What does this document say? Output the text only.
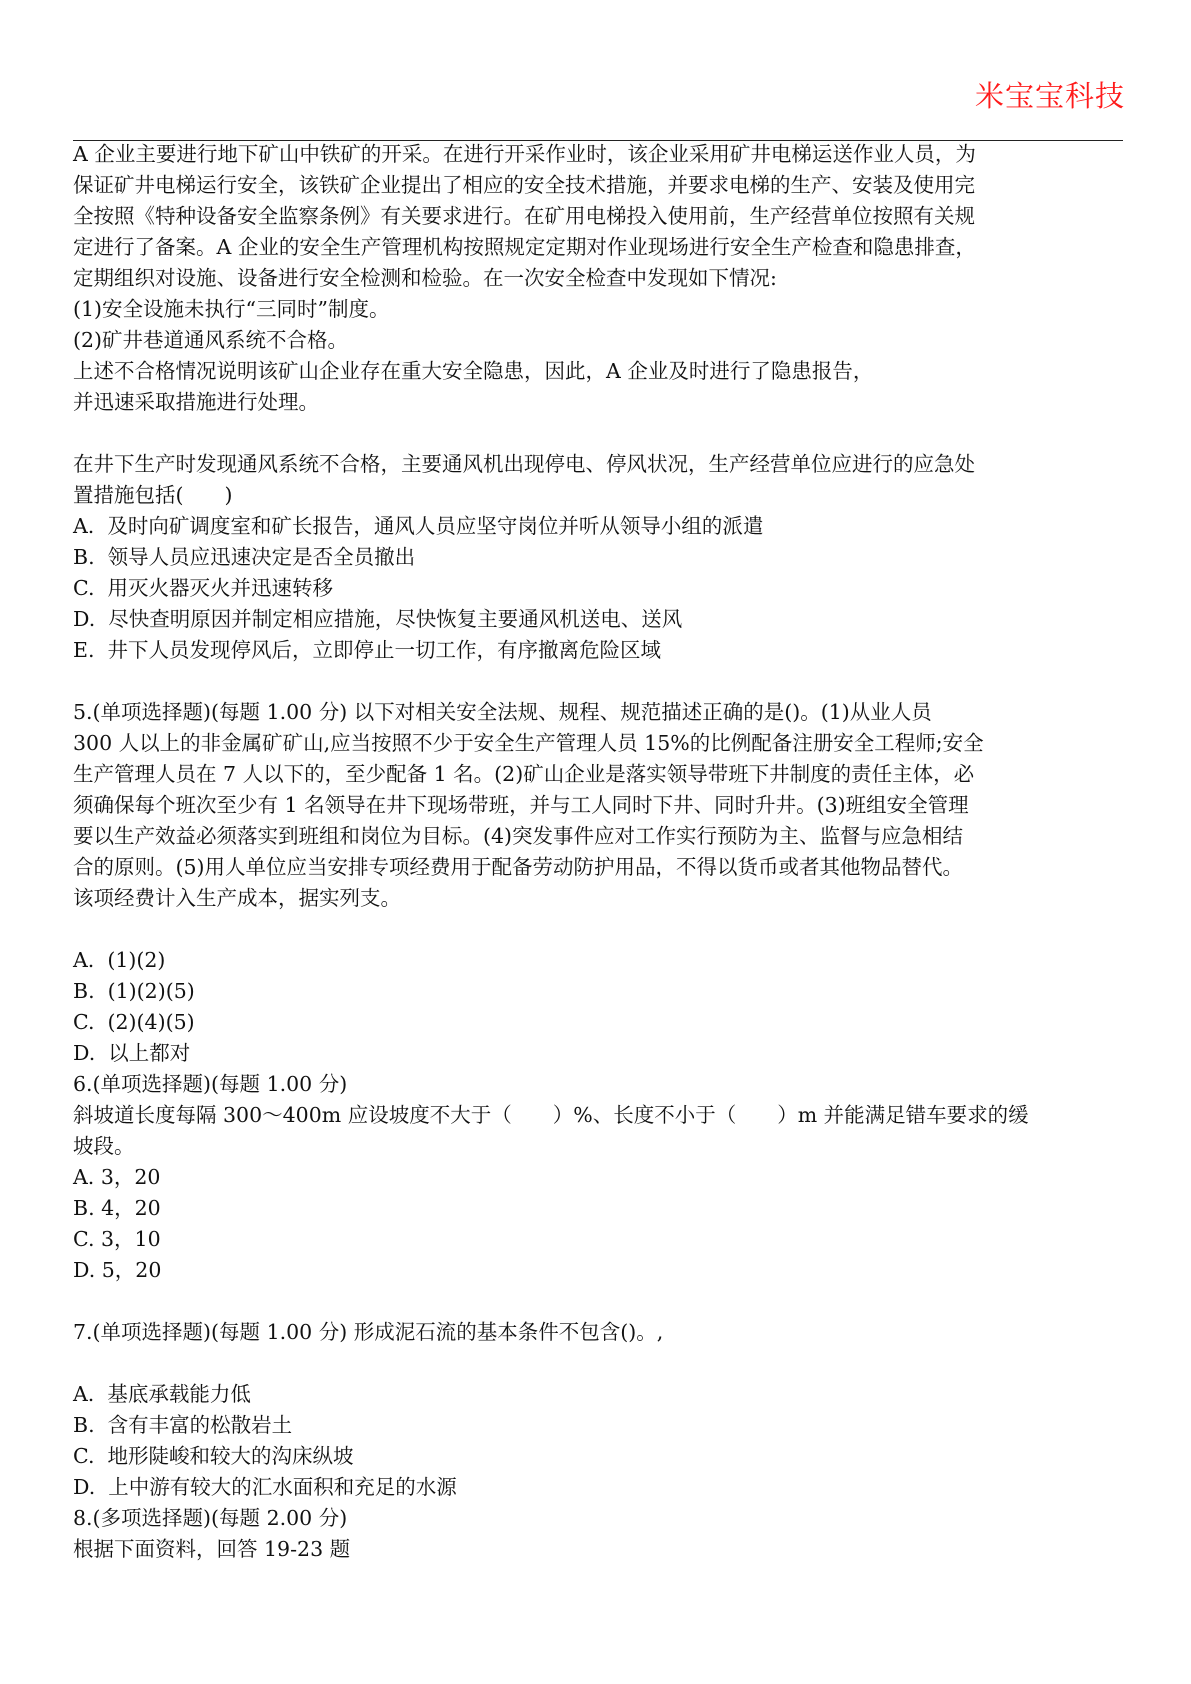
米宝宝科技
A 企业主要进行地下矿山中铁矿的开采。在进行开采作业时，该企业采用矿井电梯运送作业人员，为
保证矿井电梯运行安全，该铁矿企业提出了相应的安全技术措施，并要求电梯的生产、安装及使用完
全按照《特种设备安全监察条例》有关要求进行。在矿用电梯投入使用前，生产经营单位按照有关规
定进行了备案。A 企业的安全生产管理机构按照规定定期对作业现场进行安全生产检查和隐患排查，
定期组织对设施、设备进行安全检测和检验。在一次安全检查中发现如下情况:
(1)安全设施未执行“三同时”制度。
(2)矿井巷道通风系统不合格。
上述不合格情况说明该矿山企业存在重大安全隐患，因此，A 企业及时进行了隐患报告，
并迅速采取措施进行处理。
在井下生产时发现通风系统不合格，主要通风机出现停电、停风状况，生产经营单位应进行的应急处
置措施包括(　　)
A.  及时向矿调度室和矿长报告，通风人员应坚守岗位并听从领导小组的派遣
B.  领导人员应迅速决定是否全员撤出
C.  用灭火器灭火并迅速转移
D.  尽快查明原因并制定相应措施，尽快恢复主要通风机送电、送风
E.  井下人员发现停风后，立即停止一切工作，有序撤离危险区域
5.(单项选择题)(每题 1.00 分) 以下对相关安全法规、规程、规范描述正确的是()。(1)从业人员
300 人以上的非金属矿矿山,应当按照不少于安全生产管理人员 15%的比例配备注册安全工程师;安全
生产管理人员在 7 人以下的，至少配备 1 名。(2)矿山企业是落实领导带班下井制度的责任主体，必
须确保每个班次至少有 1 名领导在井下现场带班，并与工人同时下井、同时升井。(3)班组安全管理
要以生产效益必须落实到班组和岗位为目标。(4)突发事件应对工作实行预防为主、监督与应急相结
合的原则。(5)用人单位应当安排专项经费用于配备劳动防护用品，不得以货币或者其他物品替代。
该项经费计入生产成本，据实列支。
A.  (1)(2)
B.  (1)(2)(5)
C.  (2)(4)(5)
D.  以上都对
6.(单项选择题)(每题 1.00 分)
斜坡道长度每隔 300～400m 应设坡度不大于（　　）%、长度不小于（　　）m 并能满足错车要求的缓
坡段。
A. 3，20
B. 4，20
C. 3，10
D. 5，20
7.(单项选择题)(每题 1.00 分) 形成泥石流的基本条件不包含()。,
A.  基底承载能力低
B.  含有丰富的松散岩土
C.  地形陡峻和较大的沟床纵坡
D.  上中游有较大的汇水面积和充足的水源
8.(多项选择题)(每题 2.00 分)
根据下面资料，回答 19-23 题
